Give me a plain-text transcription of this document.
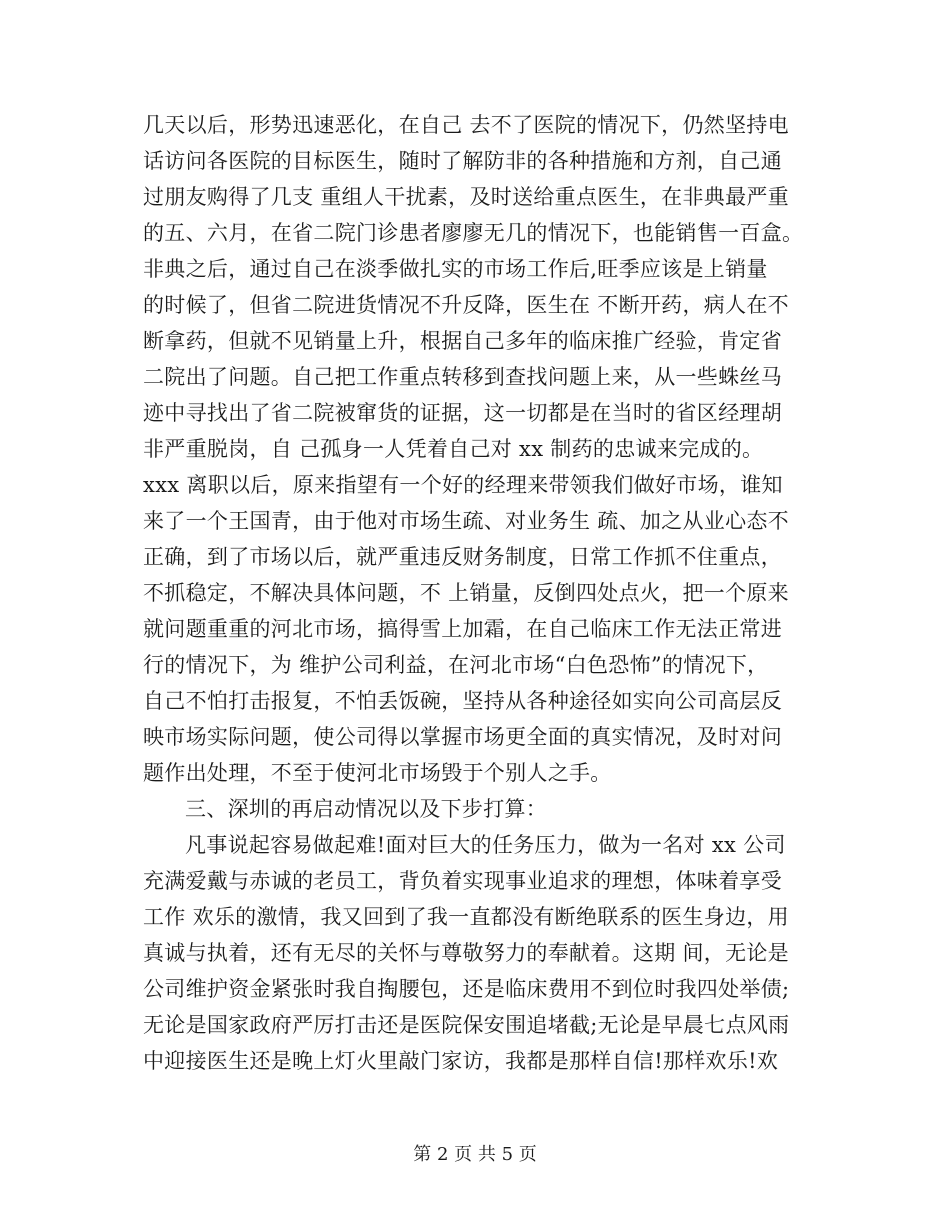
几天以后，形势迅速恶化，在自己 去不了医院的情况下，仍然坚持电
话访问各医院的目标医生，随时了解防非的各种措施和方剂，自己通
过朋友购得了几支 重组人干扰素，及时送给重点医生，在非典最严重
的五、六月，在省二院门诊患者廖廖无几的情况下，也能销售一百盒。
非典之后，通过自己在淡季做扎实的市场工作后,旺季应该是上销量
的时候了，但省二院进货情况不升反降，医生在 不断开药，病人在不
断拿药，但就不见销量上升，根据自己多年的临床推广经验，肯定省
二院出了问题。自己把工作重点转移到查找问题上来，从一些蛛丝马
迹中寻找出了省二院被窜货的证据，这一切都是在当时的省区经理胡
非严重脱岗，自 己孤身一人凭着自己对 xx 制药的忠诚来完成的。
xxx 离职以后，原来指望有一个好的经理来带领我们做好市场，谁知
来了一个王国青，由于他对市场生疏、对业务生 疏、加之从业心态不
正确，到了市场以后，就严重违反财务制度，日常工作抓不住重点，
不抓稳定，不解决具体问题，不 上销量，反倒四处点火，把一个原来
就问题重重的河北市场，搞得雪上加霜，在自己临床工作无法正常进
行的情况下，为 维护公司利益，在河北市场“白色恐怖”的情况下，
自己不怕打击报复，不怕丢饭碗，坚持从各种途径如实向公司高层反
映市场实际问题，使公司得以掌握市场更全面的真实情况，及时对问
题作出处理，不至于使河北市场毁于个别人之手。
三、深圳的再启动情况以及下步打算：
凡事说起容易做起难!面对巨大的任务压力，做为一名对 xx 公司
充满爱戴与赤诚的老员工，背负着实现事业追求的理想，体味着享受
工作 欢乐的激情，我又回到了我一直都没有断绝联系的医生身边，用
真诚与执着，还有无尽的关怀与尊敬努力的奉献着。这期 间，无论是
公司维护资金紧张时我自掏腰包，还是临床费用不到位时我四处举债;
无论是国家政府严厉打击还是医院保安围追堵截;无论是早晨七点风雨
中迎接医生还是晚上灯火里敲门家访，我都是那样自信!那样欢乐!欢
第 2 页 共 5 页
